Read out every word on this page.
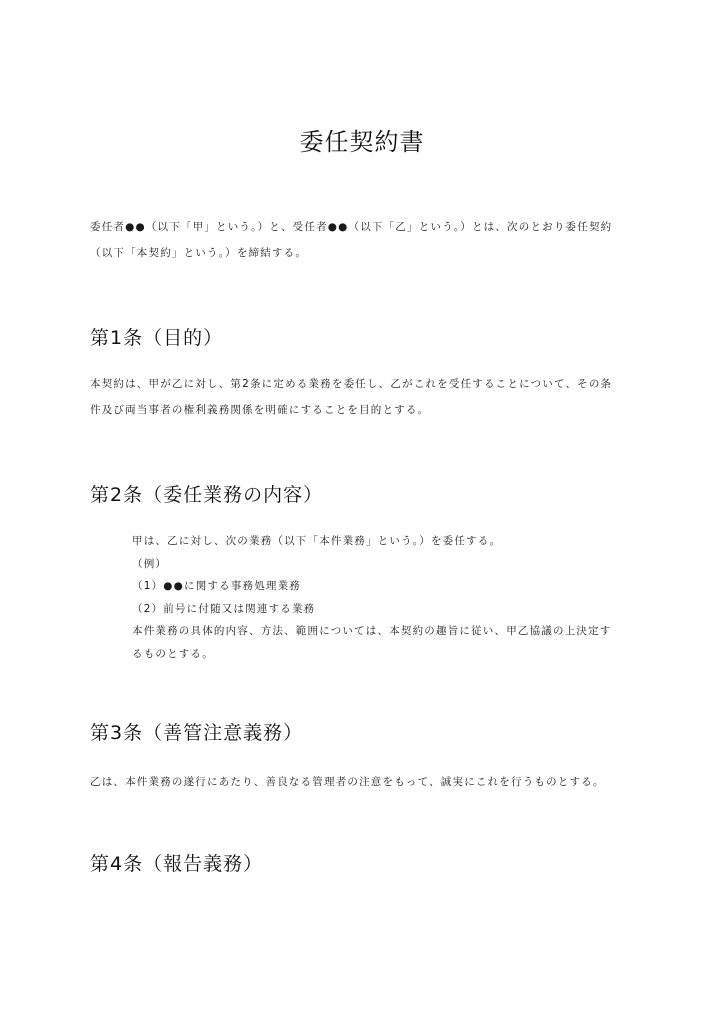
委任契約書
委任者●●（以下「甲」という。）と、受任者●●（以下「乙」という。）とは、次のとおり委任契約
（以下「本契約」という。）を締結する。
第1条（目的）
本契約は、甲が乙に対し、第2条に定める業務を委任し、乙がこれを受任することについて、その条
件及び両当事者の権利義務関係を明確にすることを目的とする。
第2条（委任業務の内容）
甲は、乙に対し、次の業務（以下「本件業務」という。）を委任する。
（例）
（1）●●に関する事務処理業務
（2）前号に付随又は関連する業務
本件業務の具体的内容、方法、範囲については、本契約の趣旨に従い、甲乙協議の上決定す
るものとする。
第3条（善管注意義務）
乙は、本件業務の遂行にあたり、善良なる管理者の注意をもって、誠実にこれを行うものとする。
第4条（報告義務）
